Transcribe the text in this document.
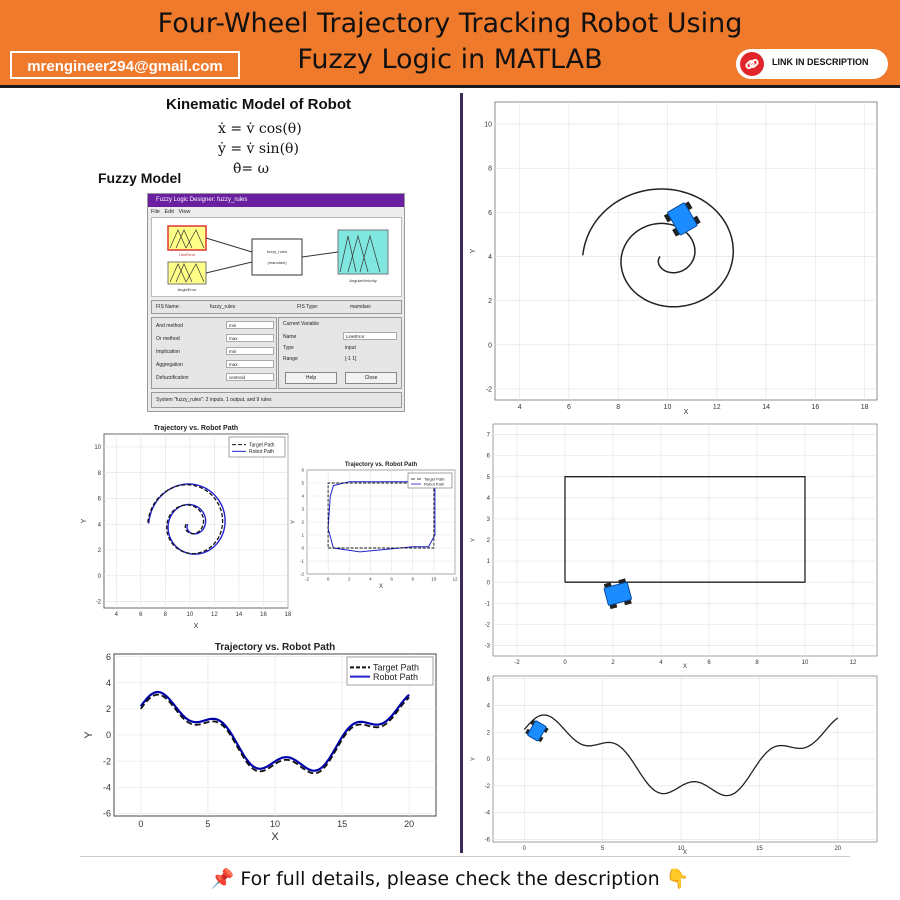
Four-Wheel Trajectory Tracking Robot Using
Fuzzy Logic in MATLAB
mrengineer294@gmail.com	LINK IN DESCRIPTION
Kinematic Model of Robot
ẋ = v̇ cos(θ)
ẏ = v̇ sin(θ)
θ̇= ω
Fuzzy Model
Fuzzy Logic Designer: fuzzy_rules
File Edit View
LineError
AngleError
fuzzy_rules
(mamdani)
AngularVelocity
FIS Name:	fuzzy_rules	FIS Type:	mamdani
And method	min
Or method	max
Implication	min
Aggregation	max
Defuzzification	centroid
Current Variable
Name	LineError
Type	input
Range	[-1 1]
Help	Close
System "fuzzy_rules": 2 inputs, 1 output, and 9 rules
4	6	8	10	12	14	16	18
-2
0
2
4
6
8
10
Trajectory vs. Robot Path
X
Y
Target Path
Robot Path
-2	0	2	4	6	8	10	12
-2
-1
0
1
2
3
4
5
6
Trajectory vs. Robot Path
X
Y
Target Path
Robot Path
0	5	10	15	20
-6
-4
-2
0
2
4
6
Trajectory vs. Robot Path
X
Y
Target Path
Robot Path
4	6	8	10	12	14	16	18
-2
0
2
4
6
8
10
X
Y
-2	0	2	4	6	8	10	12
-3
-2
-1
0
1
2
3
4
5
6
7
X
Y
0	5	10	15	20
-6
-4
-2
0
2
4
6
X
Y
📌 For full details, please check the description 👇
